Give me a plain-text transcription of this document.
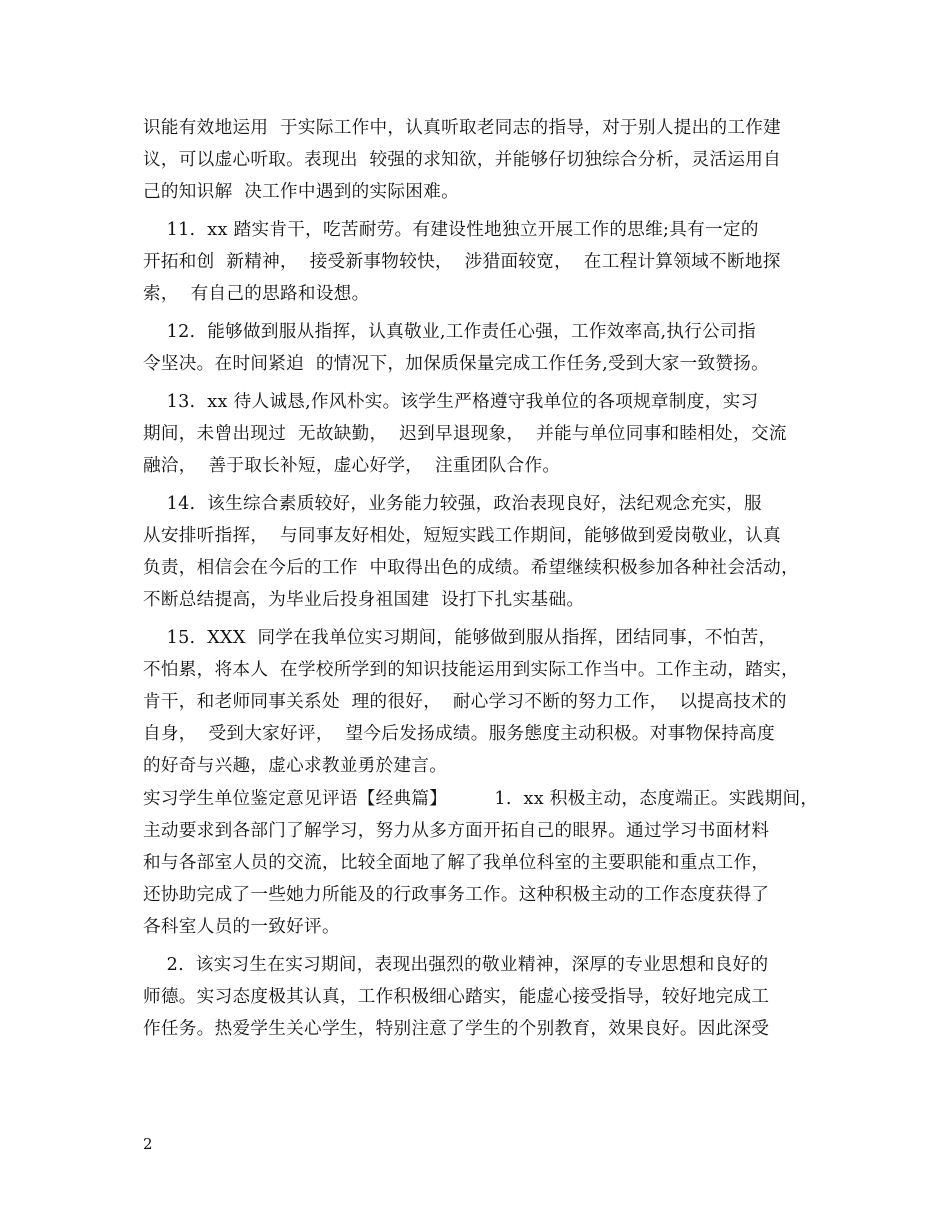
识能有效地运用  于实际工作中，认真听取老同志的指导，对于别人提出的工作建
议，可以虚心听取。表现出  较强的求知欲，并能够仔切独综合分析，灵活运用自
己的知识解  决工作中遇到的实际困难。
11.  xx 踏实肯干，吃苦耐劳。有建设性地独立开展工作的思维;具有一定的
开拓和创  新精神，  接受新事物较快，  涉猎面较宽，  在工程计算领域不断地探
索，  有自己的思路和设想。
12.  能够做到服从指挥，认真敬业,工作责任心强，工作效率高,执行公司指
令坚决。在时间紧迫  的情况下，加保质保量完成工作任务,受到大家一致赞扬。
13.  xx 待人诚恳,作风朴实。该学生严格遵守我单位的各项规章制度，实习
期间，未曾出现过  无故缺勤，  迟到早退现象，  并能与单位同事和睦相处，交流
融洽，  善于取长补短，虚心好学，  注重团队合作。
14.  该生综合素质较好，业务能力较强，政治表现良好，法纪观念充实，服
从安排听指挥，  与同事友好相处，短短实践工作期间，能够做到爱岗敬业，认真
负责，相信会在今后的工作  中取得出色的成绩。希望继续积极参加各种社会活动，
不断总结提高，为毕业后投身祖国建  设打下扎实基础。
15.  XXX  同学在我单位实习期间，能够做到服从指挥，团结同事，不怕苦，
不怕累，将本人  在学校所学到的知识技能运用到实际工作当中。工作主动，踏实，
肯干，和老师同事关系处  理的很好，  耐心学习不断的努力工作，  以提高技术的
自身，  受到大家好评，  望今后发扬成绩。服务態度主动积极。对事物保持高度
的好奇与兴趣，虚心求教並勇於建言。
实习学生单位鉴定意见评语【经典篇】        1.  xx 积极主动，态度端正。实践期间，
主动要求到各部门了解学习，努力从多方面开拓自己的眼界。通过学习书面材料
和与各部室人员的交流，比较全面地了解了我单位科室的主要职能和重点工作，
还协助完成了一些她力所能及的行政事务工作。这种积极主动的工作态度获得了
各科室人员的一致好评。
2.  该实习生在实习期间，表现出强烈的敬业精神，深厚的专业思想和良好的
师德。实习态度极其认真，工作积极细心踏实，能虚心接受指导，较好地完成工
作任务。热爱学生关心学生，特别注意了学生的个别教育，效果良好。因此深受
2
